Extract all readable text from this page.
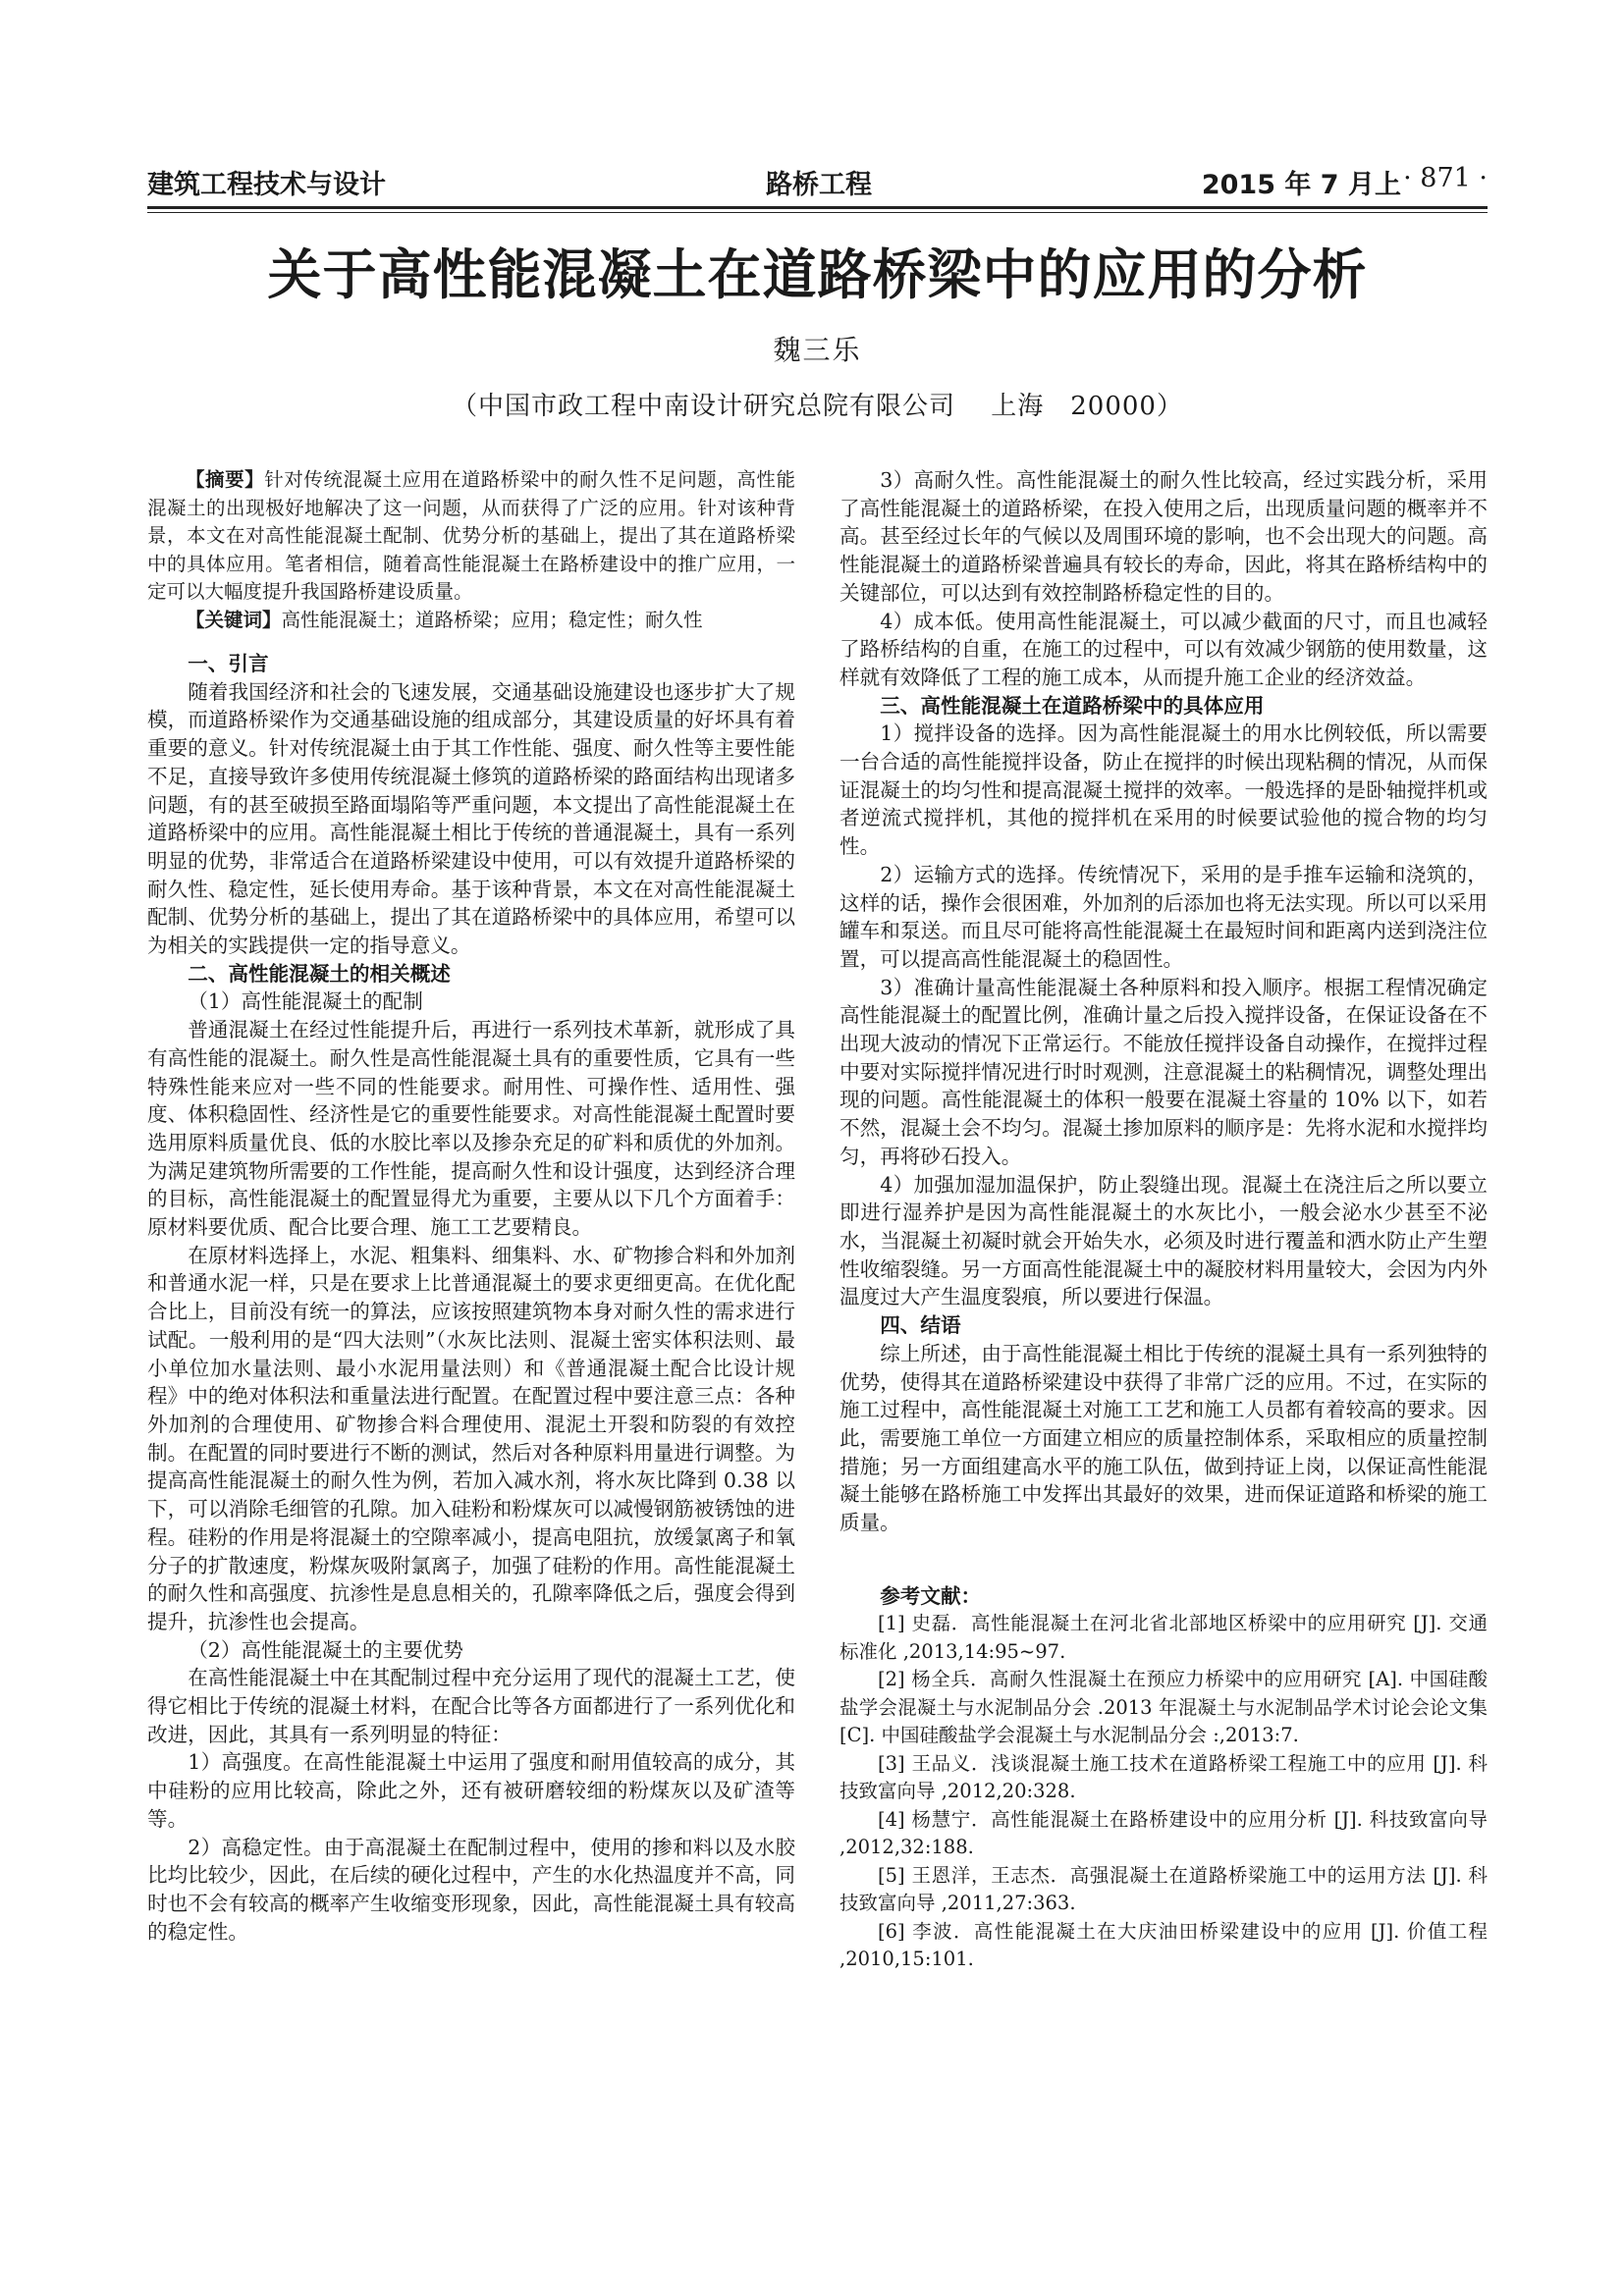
建筑工程技术与设计	路桥工程	2015 年 7 月上 · 871 ·
关于高性能混凝土在道路桥梁中的应用的分析
魏三乐
（中国市政工程中南设计研究总院有限公司　 上海　20000）

【摘要】针对传统混凝土应用在道路桥梁中的耐久性不足问题，高性能混凝土的出现极好地解决了这一问题，从而获得了广泛的应用。针对该种背景，本文在对高性能混凝土配制、优势分析的基础上，提出了其在道路桥梁中的具体应用。笔者相信，随着高性能混凝土在路桥建设中的推广应用，一定可以大幅度提升我国路桥建设质量。

【关键词】高性能混凝土；道路桥梁；应用；稳定性；耐久性

一、引言

随着我国经济和社会的飞速发展，交通基础设施建设也逐步扩大了规模，而道路桥梁作为交通基础设施的组成部分，其建设质量的好坏具有着重要的意义。针对传统混凝土由于其工作性能、强度、耐久性等主要性能不足，直接导致许多使用传统混凝土修筑的道路桥梁的路面结构出现诸多问题，有的甚至破损至路面塌陷等严重问题，本文提出了高性能混凝土在道路桥梁中的应用。高性能混凝土相比于传统的普通混凝土，具有一系列明显的优势，非常适合在道路桥梁建设中使用，可以有效提升道路桥梁的耐久性、稳定性，延长使用寿命。基于该种背景，本文在对高性能混凝土配制、优势分析的基础上，提出了其在道路桥梁中的具体应用，希望可以为相关的实践提供一定的指导意义。

二、高性能混凝土的相关概述

（1）高性能混凝土的配制

普通混凝土在经过性能提升后，再进行一系列技术革新，就形成了具有高性能的混凝土。耐久性是高性能混凝土具有的重要性质，它具有一些特殊性能来应对一些不同的性能要求。耐用性、可操作性、适用性、强度、体积稳固性、经济性是它的重要性能要求。对高性能混凝土配置时要选用原料质量优良、低的水胶比率以及掺杂充足的矿料和质优的外加剂。为满足建筑物所需要的工作性能，提高耐久性和设计强度，达到经济合理的目标，高性能混凝土的配置显得尤为重要，主要从以下几个方面着手：原材料要优质、配合比要合理、施工工艺要精良。

在原材料选择上，水泥、粗集料、细集料、水、矿物掺合料和外加剂和普通水泥一样，只是在要求上比普通混凝土的要求更细更高。在优化配合比上，目前没有统一的算法，应该按照建筑物本身对耐久性的需求进行试配。一般利用的是“四大法则”（水灰比法则、混凝土密实体积法则、最小单位加水量法则、最小水泥用量法则）和《普通混凝土配合比设计规程》中的绝对体积法和重量法进行配置。在配置过程中要注意三点：各种外加剂的合理使用、矿物掺合料合理使用、混泥土开裂和防裂的有效控制。在配置的同时要进行不断的测试，然后对各种原料用量进行调整。为提高高性能混凝土的耐久性为例，若加入减水剂，将水灰比降到 0.38 以下，可以消除毛细管的孔隙。加入硅粉和粉煤灰可以减慢钢筋被锈蚀的进程。硅粉的作用是将混凝土的空隙率减小，提高电阻抗，放缓氯离子和氧分子的扩散速度，粉煤灰吸附氯离子，加强了硅粉的作用。高性能混凝土的耐久性和高强度、抗渗性是息息相关的，孔隙率降低之后，强度会得到提升，抗渗性也会提高。

（2）高性能混凝土的主要优势

在高性能混凝土中在其配制过程中充分运用了现代的混凝土工艺，使得它相比于传统的混凝土材料，在配合比等各方面都进行了一系列优化和改进，因此，其具有一系列明显的特征：

1）高强度。在高性能混凝土中运用了强度和耐用值较高的成分，其中硅粉的应用比较高，除此之外，还有被研磨较细的粉煤灰以及矿渣等等。

2）高稳定性。由于高混凝土在配制过程中，使用的掺和料以及水胶比均比较少，因此，在后续的硬化过程中，产生的水化热温度并不高，同时也不会有较高的概率产生收缩变形现象，因此，高性能混凝土具有较高的稳定性。

3）高耐久性。高性能混凝土的耐久性比较高，经过实践分析，采用了高性能混凝土的道路桥梁，在投入使用之后，出现质量问题的概率并不高。甚至经过长年的气候以及周围环境的影响，也不会出现大的问题。高性能混凝土的道路桥梁普遍具有较长的寿命，因此，将其在路桥结构中的关键部位，可以达到有效控制路桥稳定性的目的。

4）成本低。使用高性能混凝土，可以减少截面的尺寸，而且也减轻了路桥结构的自重，在施工的过程中，可以有效减少钢筋的使用数量，这样就有效降低了工程的施工成本，从而提升施工企业的经济效益。

三、高性能混凝土在道路桥梁中的具体应用

1）搅拌设备的选择。因为高性能混凝土的用水比例较低，所以需要一台合适的高性能搅拌设备，防止在搅拌的时候出现粘稠的情况，从而保证混凝土的均匀性和提高混凝土搅拌的效率。一般选择的是卧轴搅拌机或者逆流式搅拌机，其他的搅拌机在采用的时候要试验他的搅合物的均匀性。

2）运输方式的选择。传统情况下，采用的是手推车运输和浇筑的，这样的话，操作会很困难，外加剂的后添加也将无法实现。所以可以采用罐车和泵送。而且尽可能将高性能混凝土在最短时间和距离内送到浇注位置，可以提高高性能混凝土的稳固性。

3）准确计量高性能混凝土各种原料和投入顺序。根据工程情况确定高性能混凝土的配置比例，准确计量之后投入搅拌设备，在保证设备在不出现大波动的情况下正常运行。不能放任搅拌设备自动操作，在搅拌过程中要对实际搅拌情况进行时时观测，注意混凝土的粘稠情况，调整处理出现的问题。高性能混凝土的体积一般要在混凝土容量的 10% 以下，如若不然，混凝土会不均匀。混凝土掺加原料的顺序是：先将水泥和水搅拌均匀，再将砂石投入。

4）加强加湿加温保护，防止裂缝出现。混凝土在浇注后之所以要立即进行湿养护是因为高性能混凝土的水灰比小，一般会泌水少甚至不泌水，当混凝土初凝时就会开始失水，必须及时进行覆盖和洒水防止产生塑性收缩裂缝。另一方面高性能混凝土中的凝胶材料用量较大，会因为内外温度过大产生温度裂痕，所以要进行保温。

四、结语

综上所述，由于高性能混凝土相比于传统的混凝土具有一系列独特的优势，使得其在道路桥梁建设中获得了非常广泛的应用。不过，在实际的施工过程中，高性能混凝土对施工工艺和施工人员都有着较高的要求。因此，需要施工单位一方面建立相应的质量控制体系，采取相应的质量控制措施；另一方面组建高水平的施工队伍，做到持证上岗，以保证高性能混凝土能够在路桥施工中发挥出其最好的效果，进而保证道路和桥梁的施工质量。

参考文献：

[1] 史磊．高性能混凝土在河北省北部地区桥梁中的应用研究 [J]. 交通标准化 ,2013,14:95~97.

[2] 杨全兵．高耐久性混凝土在预应力桥梁中的应用研究 [A]. 中国硅酸盐学会混凝土与水泥制品分会 .2013 年混凝土与水泥制品学术讨论会论文集 [C]. 中国硅酸盐学会混凝土与水泥制品分会 :,2013:7.

[3] 王品义．浅谈混凝土施工技术在道路桥梁工程施工中的应用 [J]. 科技致富向导 ,2012,20:328.

[4] 杨慧宁．高性能混凝土在路桥建设中的应用分析 [J]. 科技致富向导 ,2012,32:188.

[5] 王恩洋，王志杰．高强混凝土在道路桥梁施工中的运用方法 [J]. 科技致富向导 ,2011,27:363.

[6] 李波．高性能混凝土在大庆油田桥梁建设中的应用 [J]. 价值工程 ,2010,15:101.
